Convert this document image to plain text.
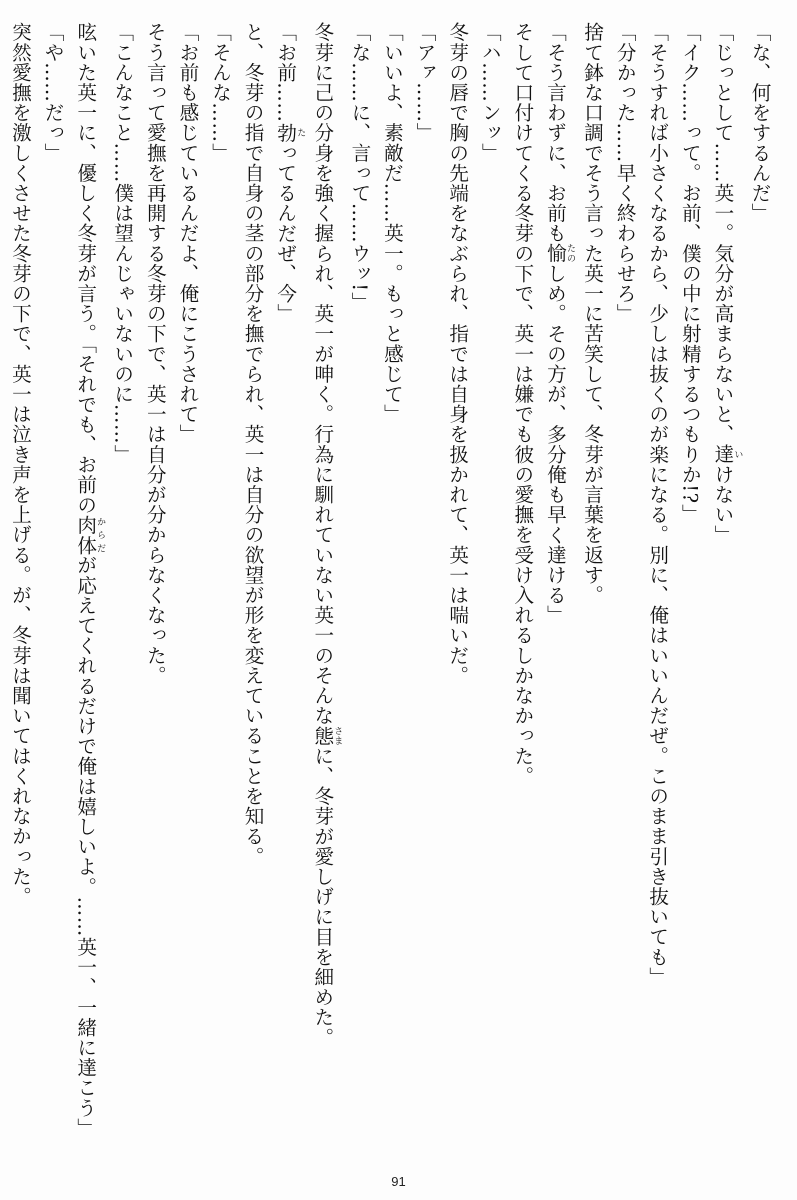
「な、何をするんだ」
「じっとして……英一。気分が高まらないと、達いけない」
「イク……って。お前、僕の中に射精するつもりか!?」
「そうすれば小さくなるから、少しは抜くのが楽になる。別に、俺はいいんだぜ。このまま引き抜いても」
「分かった……早く終わらせろ」
捨て鉢な口調でそう言った英一に苦笑して、冬芽が言葉を返す。
「そう言わずに、お前も愉たのしめ。その方が、多分俺も早く達ける」
そして口付けてくる冬芽の下で、英一は嫌でも彼の愛撫を受け入れるしかなかった。
「ハ……ンッ」
冬芽の唇で胸の先端をなぶられ、指では自身を扱かれて、英一は喘いだ。
「アァ……」
「いいよ、素敵だ……英一。もっと感じて」
「な……に、言って……ウッ!」
冬芽に己の分身を強く握られ、英一が呻く。行為に馴れていない英一のそんな態さまに、冬芽が愛しげに目を細めた。
「お前……勃たってるんだぜ、今」
と、冬芽の指で自身の茎の部分を撫でられ、英一は自分の欲望が形を変えていることを知る。
「そんな……」
「お前も感じているんだよ、俺にこうされて」
そう言って愛撫を再開する冬芽の下で、英一は自分が分からなくなった。
「こんなこと……僕は望んじゃいないのに……」
呟いた英一に、優しく冬芽が言う。「それでも、お前の肉体からだが応えてくれるだけで俺は嬉しいよ。……英一、一緒に達こう」
「や……だっ」
突然愛撫を激しくさせた冬芽の下で、英一は泣き声を上げる。が、冬芽は聞いてはくれなかった。
91
